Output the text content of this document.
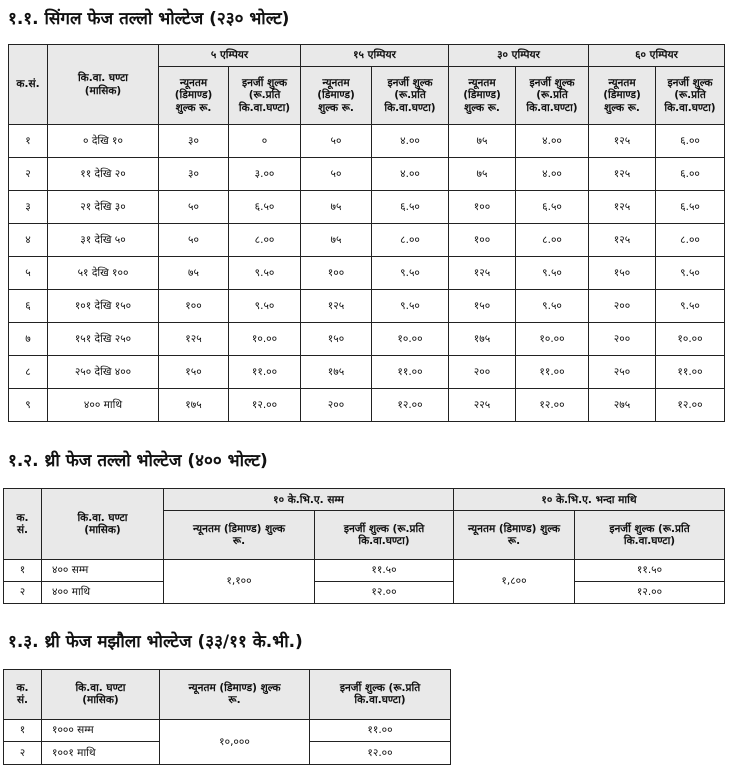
१.१. सिंगल फेज तल्लो भोल्टेज (२३० भोल्ट)
क.सं.	कि.वा. घण्टा
(मासिक)	५ एम्पियर		१५ एम्पियर		३० एम्पियर		६० एम्पियर	
		न्यूनतम
(डिमाण्ड)
शुल्क रू.	इनर्जी शुल्क
(रू.प्रति
कि.वा.घण्टा)	न्यूनतम
(डिमाण्ड)
शुल्क रू.	इनर्जी शुल्क
(रू.प्रति
कि.वा.घण्टा)	न्यूनतम
(डिमाण्ड)
शुल्क रू.	इनर्जी शुल्क
(रू.प्रति
कि.वा.घण्टा)	न्यूनतम
(डिमाण्ड)
शुल्क रू.	इनर्जी शुल्क
(रू.प्रति
कि.वा.घण्टा)
१	० देखि १०	३०	०	५०	४.००	७५	४.००	१२५	६.००
२	११ देखि २०	३०	३.००	५०	४.००	७५	४.००	१२५	६.००
३	२१ देखि ३०	५०	६.५०	७५	६.५०	१००	६.५०	१२५	६.५०
४	३१ देखि ५०	५०	८.००	७५	८.००	१००	८.००	१२५	८.००
५	५१ देखि १००	७५	९.५०	१००	९.५०	१२५	९.५०	१५०	९.५०
६	१०१ देखि १५०	१००	९.५०	१२५	९.५०	१५०	९.५०	२००	९.५०
७	१५१ देखि २५०	१२५	१०.००	१५०	१०.००	१७५	१०.००	२००	१०.००
८	२५० देखि ४००	१५०	११.००	१७५	११.००	२००	११.००	२५०	११.००
९	४०० माथि	१७५	१२.००	२००	१२.००	२२५	१२.००	२७५	१२.००
१.२. थ्री फेज तल्लो भोल्टेज (४०० भोल्ट)
क.
सं.	कि.वा. घण्टा
(मासिक)	१० के.भि.ए. सम्म		१० के.भि.ए. भन्दा माथि	
		न्यूनतम (डिमाण्ड) शुल्क
रू.	इनर्जी शुल्क (रू.प्रति
कि.वा.घण्टा)	न्यूनतम (डिमाण्ड) शुल्क
रू.	इनर्जी शुल्क (रू.प्रति
कि.वा.घण्टा)
१	४०० सम्म	१,१००	११.५०	१,८००	११.५०
२	४०० माथि		१२.००		१२.००
१.३. थ्री फेज मझौला भोल्टेज (३३/११ के.भी.)
क.
सं.	कि.वा. घण्टा
(मासिक)	न्यूनतम (डिमाण्ड) शुल्क
रू.	इनर्जी शुल्क (रू.प्रति
कि.वा.घण्टा)
१	१००० सम्म	१०,०००	११.००
२	१००१ माथि		१२.००
